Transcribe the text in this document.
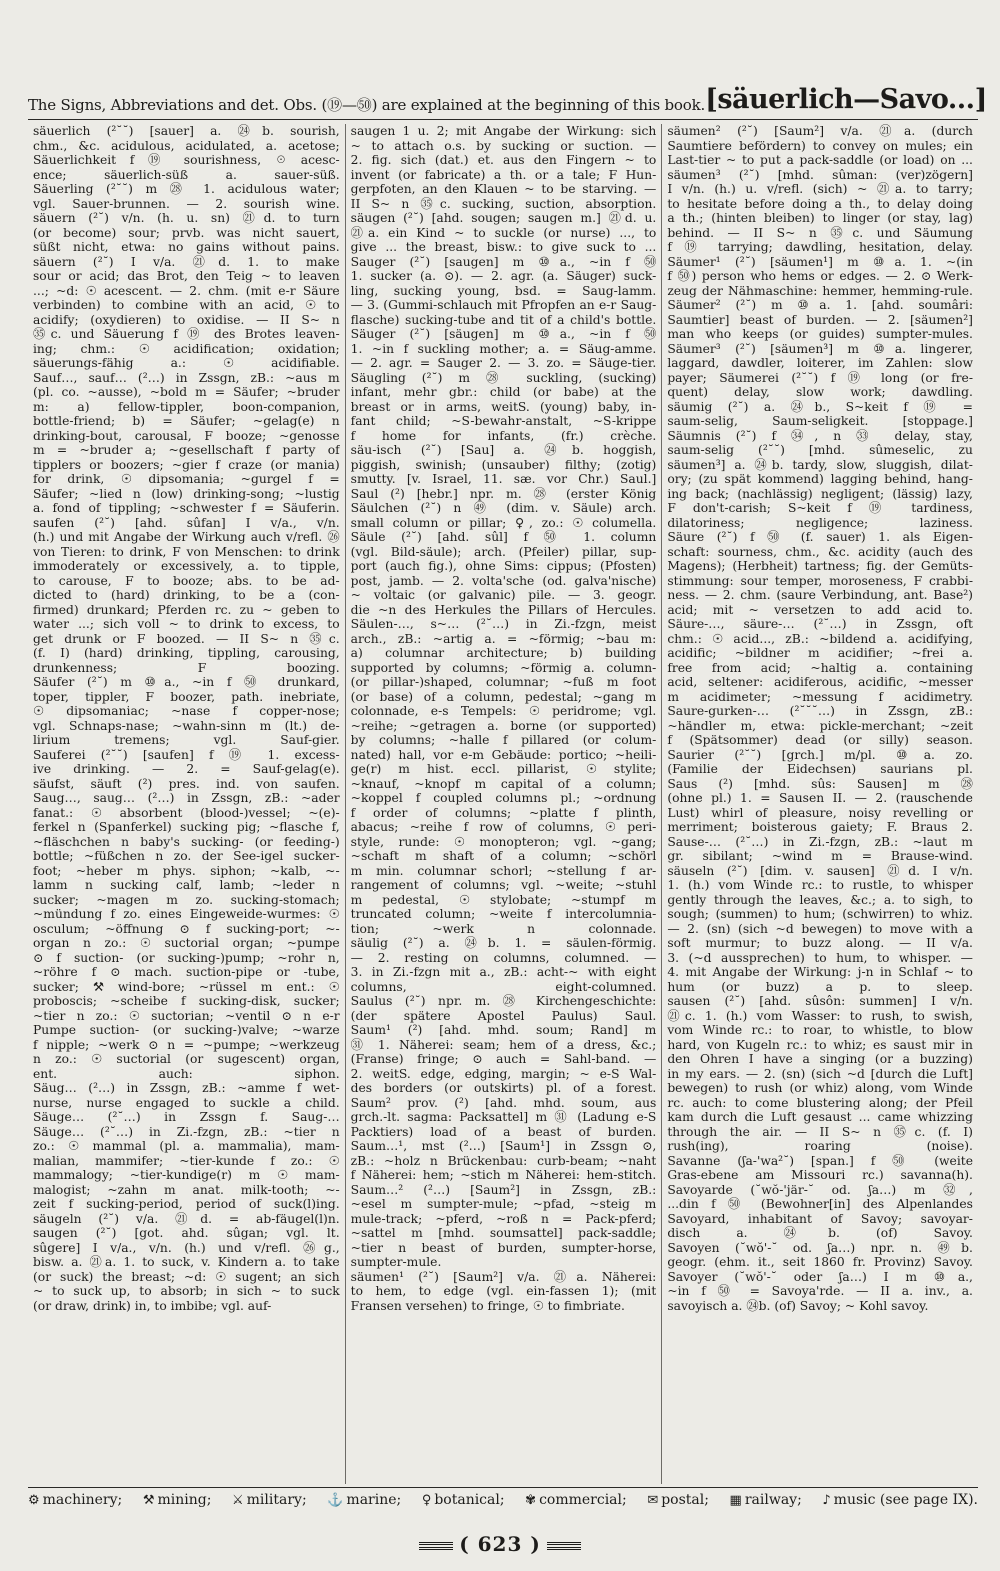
The Signs, Abbreviations and det. Obs. (⑲—㊿) are explained at the beginning of this book. [säuerlich—Savo...]
säuerlich (²˘˘) [sauer] a. ㉔b. sourish,
chm., &c. acidulous, acidulated, a. acetose;
Säuerlichkeit f ⑲ sourishness, ☉ acesc-
ence; säuerlich-süß a. sauer-süß.
Säuerling (²˘˘) m ㉘ 1. acidulous water;
vgl. Sauer-brunnen. — 2. sourish wine.
säuern (²˘) v/n. (h. u. sn) ㉑d. to turn
(or become) sour; prvb. was nicht sauert,
süßt nicht, etwa: no gains without pains.
säuern (²˘) I v/a. ㉑d. 1. to make
sour or acid; das Brot, den Teig ~ to leaven
...; ~d: ☉ acescent. — 2. chm. (mit e-r Säure
verbinden) to combine with an acid, ☉ to
acidify; (oxydieren) to oxidise. — II S~ n
㉟c. und Säuerung f ⑲ des Brotes leaven-
ing; chm.: ☉ acidification; oxidation;
säuerungs-fähig a.: ☉ acidifiable.
Sauf…, sauf… (²…) in Zssgn, zB.: ~aus m
(pl. co. ~ausse), ~bold m = Säufer; ~bruder
m: a) fellow-tippler, boon-companion,
bottle-friend; b) = Säufer; ~gelag(e) n
drinking-bout, carousal, F booze; ~genosse
m = ~bruder a; ~gesellschaft f party of
tipplers or boozers; ~gier f craze (or mania)
for drink, ☉ dipsomania; ~gurgel f =
Säufer; ~lied n (low) drinking-song; ~lustig
a. fond of tippling; ~schwester f = Säuferin.
saufen (²˘) [ahd. sûfan] I v/a., v/n.
(h.) und mit Angabe der Wirkung auch v/refl. ㉖
von Tieren: to drink, F von Menschen: to drink
immoderately or excessively, a. to tipple,
to carouse, F to booze; abs. to be ad-
dicted to (hard) drinking, to be a (con-
firmed) drunkard; Pferden rc. zu ~ geben to
water ...; sich voll ~ to drink to excess, to
get drunk or F boozed. — II S~ n ㉟c.
(f. I) (hard) drinking, tippling, carousing,
drunkenness; F boozing.
Säufer (²˘) m ⑩a., ~in f ㊿ drunkard,
toper, tippler, F boozer, path. inebriate,
☉ dipsomaniac; ~nase f copper-nose;
vgl. Schnaps-nase; ~wahn-sinn m (lt.) de-
lirium tremens; vgl. Sauf-gier.
Sauferei (²˘˘) [saufen] f ⑲ 1. excess-
ive drinking. — 2. = Sauf-gelag(e).
säufst, säuft (²) pres. ind. von saufen.
Saug…, saug… (²…) in Zssgn, zB.: ~ader
fanat.: ☉ absorbent (blood-)vessel; ~(e)-
ferkel n (Spanferkel) sucking pig; ~flasche f,
~fläschchen n baby's sucking- (or feeding-)
bottle; ~füßchen n zo. der See-igel sucker-
foot; ~heber m phys. siphon; ~kalb, ~-
lamm n sucking calf, lamb; ~leder n
sucker; ~magen m zo. sucking-stomach;
~mündung f zo. eines Eingeweide-wurmes: ☉
osculum; ~öffnung ⊙ f sucking-port; ~-
organ n zo.: ☉ suctorial organ; ~pumpe
⊙ f suction- (or sucking-)pump; ~rohr n,
~röhre f ⊙ mach. suction-pipe or -tube,
sucker; ⚒ wind-bore; ~rüssel m ent.: ☉
proboscis; ~scheibe f sucking-disk, sucker;
~tier n zo.: ☉ suctorian; ~ventil ⊙ n e-r
Pumpe suction- (or sucking-)valve; ~warze
f nipple; ~werk ⊙ n = ~pumpe; ~werkzeug
n zo.: ☉ suctorial (or sugescent) organ,
ent. auch: siphon.
Säug… (²…) in Zssgn, zB.: ~amme f wet-
nurse, nurse engaged to suckle a child.
Säuge… (²˘…) in Zssgn f. Saug-…
Säuge… (²˘…) in Zi.-fzgn, zB.: ~tier n
zo.: ☉ mammal (pl. a. mammalia), mam-
malian, mammifer; ~tier-kunde f zo.: ☉
mammalogy; ~tier-kundige(r) m ☉ mam-
malogist; ~zahn m anat. milk-tooth; ~-
zeit f sucking-period, period of suck(l)ing.
säugeln (²˘) v/a. ㉑d. = ab-fäugel(l)n.
saugen (²˘) [got. ahd. sûgan; vgl. lt.
sûgere] I v/a., v/n. (h.) und v/refl. ㉖g.,
bisw. a. ㉑a. 1. to suck, v. Kindern a. to take
(or suck) the breast; ~d: ☉ sugent; an sich
~ to suck up, to absorb; in sich ~ to suck
(or draw, drink) in, to imbibe; vgl. auf-
saugen 1 u. 2; mit Angabe der Wirkung: sich
~ to attach o.s. by sucking or suction. —
2. fig. sich (dat.) et. aus den Fingern ~ to
invent (or fabricate) a th. or a tale; F Hun-
gerpfoten, an den Klauen ~ to be starving. —
II S~ n ㉟c. sucking, suction, absorption.
säugen (²˘) [ahd. sougen; saugen m.] ㉑d. u.
㉑a. ein Kind ~ to suckle (or nurse) ..., to
give ... the breast, bisw.: to give suck to ...
Sauger (²˘) [saugen] m ⑩a., ~in f ㊿
1. sucker (a. ⊙). — 2. agr. (a. Säuger) suck-
ling, sucking young, bsd. = Saug-lamm.
— 3. (Gummi-schlauch mit Pfropfen an e-r Saug-
flasche) sucking-tube and tit of a child's bottle.
Säuger (²˘) [säugen] m ⑩a., ~in f ㊿
1. ~in f suckling mother; a. = Säug-amme.
— 2. agr. = Sauger 2. — 3. zo. = Säuge-tier.
Säugling (²˘) m ㉘ suckling, (sucking)
infant, mehr gbr.: child (or babe) at the
breast or in arms, weitS. (young) baby, in-
fant child; ~S-bewahr-anstalt, ~S-krippe
f home for infants, (fr.) crèche.
säu-isch (²˘) [Sau] a. ㉔b. hoggish,
piggish, swinish; (unsauber) filthy; (zotig)
smutty. [v. Israel, 11. sæ. vor Chr.) Saul.]
Saul (²) [hebr.] npr. m. ㉘ (erster König
Säulchen (²˘) n ㊾ (dim. v. Säule) arch.
small column or pillar; ♀, zo.: ☉ columella.
Säule (²˘) [ahd. sûl] f ㊿ 1. column
(vgl. Bild-säule); arch. (Pfeiler) pillar, sup-
port (auch fig.), ohne Sims: cippus; (Pfosten)
post, jamb. — 2. volta'sche (od. galva'nische)
~ voltaic (or galvanic) pile. — 3. geogr.
die ~n des Herkules the Pillars of Hercules.
Säulen-…, s~… (²˘…) in Zi.-fzgn, meist
arch., zB.: ~artig a. = ~förmig; ~bau m:
a) columnar architecture; b) building
supported by columns; ~förmig a. column-
(or pillar-)shaped, columnar; ~fuß m foot
(or base) of a column, pedestal; ~gang m
colonnade, e-s Tempels: ☉ peridrome; vgl.
~reihe; ~getragen a. borne (or supported)
by columns; ~halle f pillared (or colum-
nated) hall, vor e-m Gebäude: portico; ~heili-
ge(r) m hist. eccl. pillarist, ☉ stylite;
~knauf, ~knopf m capital of a column;
~koppel f coupled columns pl.; ~ordnung
f order of columns; ~platte f plinth,
abacus; ~reihe f row of columns, ☉ peri-
style, runde: ☉ monopteron; vgl. ~gang;
~schaft m shaft of a column; ~schörl
m min. columnar schorl; ~stellung f ar-
rangement of columns; vgl. ~weite; ~stuhl
m pedestal, ☉ stylobate; ~stumpf m
truncated column; ~weite f intercolumnia-
tion; ~werk n colonnade.
säulig (²˘) a. ㉔b. 1. = säulen-förmig.
— 2. resting on columns, columned. —
3. in Zi.-fzgn mit a., zB.: acht-~ with eight
columns, eight-columned.
Saulus (²˘) npr. m. ㉘ Kirchengeschichte:
(der spätere Apostel Paulus) Saul.
Saum¹ (²) [ahd. mhd. soum; Rand] m
㉛ 1. Näherei: seam; hem of a dress, &c.;
(Franse) fringe; ⊙ auch = Sahl-band. —
2. weitS. edge, edging, margin; ~ e-S Wal-
des borders (or outskirts) pl. of a forest.
Saum² prov. (²) [ahd. mhd. soum, aus
grch.-lt. sagma: Packsattel] m ㉛ (Ladung e-S
Packtiers) load of a beast of burden.
Saum…¹, mst (²…) [Saum¹] in Zssgn ⊙,
zB.: ~holz n Brückenbau: curb-beam; ~naht
f Näherei: hem; ~stich m Näherei: hem-stitch.
Saum…² (²…) [Saum²] in Zssgn, zB.:
~esel m sumpter-mule; ~pfad, ~steig m
mule-track; ~pferd, ~roß n = Pack-pferd;
~sattel m [mhd. soumsattel] pack-saddle;
~tier n beast of burden, sumpter-horse,
sumpter-mule.
säumen¹ (²˘) [Saum²] v/a. ㉑a. Näherei:
to hem, to edge (vgl. ein-fassen 1); (mit
Fransen versehen) to fringe, ☉ to fimbriate.
säumen² (²˘) [Saum²] v/a. ㉑a. (durch
Saumtiere befördern) to convey on mules; ein
Last-tier ~ to put a pack-saddle (or load) on ...
säumen³ (²˘) [mhd. sûman: (ver)zögern]
I v/n. (h.) u. v/refl. (sich) ~ ㉑a. to tarry;
to hesitate before doing a th., to delay doing
a th.; (hinten bleiben) to linger (or stay, lag)
behind. — II S~ n ㉟c. und Säumung
f ⑲ tarrying; dawdling, hesitation, delay.
Säumer¹ (²˘) [säumen¹] m ⑩a. 1. ~(in
f ㊿) person who hems or edges. — 2. ⊙ Werk-
zeug der Nähmaschine: hemmer, hemming-rule.
Säumer² (²˘) m ⑩a. 1. [ahd. soumâri:
Saumtier] beast of burden. — 2. [säumen²]
man who keeps (or guides) sumpter-mules.
Säumer³ (²˘) [säumen³] m ⑩a. lingerer,
laggard, dawdler, loiterer, im Zahlen: slow
payer; Säumerei (²˘˘) f ⑲ long (or fre-
quent) delay, slow work; dawdling.
säumig (²˘) a. ㉔b., S~keit f ⑲ =
saum-selig, Saum-seligkeit. [stoppage.]
Säumnis (²˘) f ㉞, n ㉝ delay, stay,
saum-selig (²˘˘) [mhd. sûmeselic, zu
säumen³] a. ㉔b. tardy, slow, sluggish, dilat-
ory; (zu spät kommend) lagging behind, hang-
ing back; (nachlässig) negligent; (lässig) lazy,
F don't-carish; S~keit f ⑲ tardiness,
dilatoriness; negligence; laziness.
Säure (²˘) f ㊿ (f. sauer) 1. als Eigen-
schaft: sourness, chm., &c. acidity (auch des
Magens); (Herbheit) tartness; fig. der Gemüts-
stimmung: sour temper, moroseness, F crabbi-
ness. — 2. chm. (saure Verbindung, ant. Base²)
acid; mit ~ versetzen to add acid to.
Säure-…, säure-… (²˘…) in Zssgn, oft
chm.: ☉ acid..., zB.: ~bildend a. acidifying,
acidific; ~bildner m acidifier; ~frei a.
free from acid; ~haltig a. containing
acid, seltener: acidiferous, acidific, ~messer
m acidimeter; ~messung f acidimetry.
Saure-gurken-… (²˘˘˘…) in Zssgn, zB.:
~händler m, etwa: pickle-merchant; ~zeit
f (Spätsommer) dead (or silly) season.
Saurier (²˘˘) [grch.] m/pl. ⑩a. zo.
(Familie der Eidechsen) saurians pl.
Saus (²) [mhd. sûs: Sausen] m ㉘
(ohne pl.) 1. = Sausen II. — 2. (rauschende
Lust) whirl of pleasure, noisy revelling or
merriment; boisterous gaiety; F. Braus 2.
Sause-… (²˘…) in Zi.-fzgn, zB.: ~laut m
gr. sibilant; ~wind m = Brause-wind.
säuseln (²˘) [dim. v. sausen] ㉑d. I v/n.
1. (h.) vom Winde rc.: to rustle, to whisper
gently through the leaves, &c.; a. to sigh, to
sough; (summen) to hum; (schwirren) to whiz.
— 2. (sn) (sich ~d bewegen) to move with a
soft murmur; to buzz along. — II v/a.
3. (~d aussprechen) to hum, to whisper. —
4. mit Angabe der Wirkung: j-n in Schlaf ~ to
hum (or buzz) a p. to sleep.
sausen (²˘) [ahd. sûsôn: summen] I v/n.
㉑c. 1. (h.) vom Wasser: to rush, to swish,
vom Winde rc.: to roar, to whistle, to blow
hard, von Kugeln rc.: to whiz; es saust mir in
den Ohren I have a singing (or a buzzing)
in my ears. — 2. (sn) (sich ~d [durch die Luft]
bewegen) to rush (or whiz) along, vom Winde
rc. auch: to come blustering along; der Pfeil
kam durch die Luft gesaust ... came whizzing
through the air. — II S~ n ㉟c. (f. I)
rush(ing), roaring (noise).
Savanne (ʃa-'wa²˘) [span.] f ㊿ (weite
Gras-ebene am Missouri rc.) savanna(h).
Savoyarde (˘wŏ-'jär-˘ od. ʃa…) m ㉜,
...din f ㊿ (Bewohner[in] des Alpenlandes
Savoyard, inhabitant of Savoy; savoyar-
disch a. ㉔b. (of) Savoy.
Savoyen (˘wŏ'-˘ od. ʃa…) npr. n. ㊾b.
geogr. (ehm. it., seit 1860 fr. Provinz) Savoy.
Savoyer (˘wŏ'-˘ oder ʃa…) I m ⑩a.,
~in f ㊿ = Savoya'rde. — II a. inv., a.
savoyisch a. ㉔b. (of) Savoy; ~ Kohl savoy.
⚙ machinery; ⚒ mining; ⚔ military; ⚓ marine; ♀ botanical; ✾ commercial; ✉ postal; ▦ railway; ♪ music (see page IX).
( 623 )
